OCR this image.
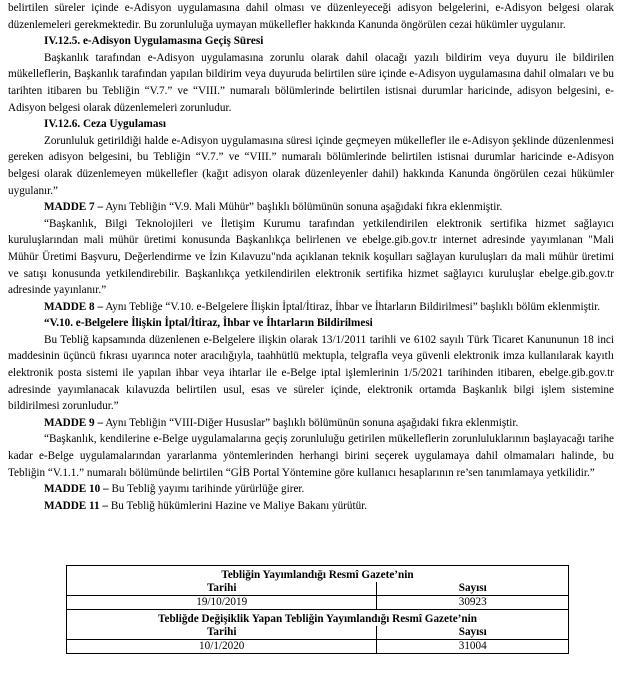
belirtilen süreler içinde e-Adisyon uygulamasına dahil olması ve düzenleyeceği adisyon belgelerini, e-Adisyon belgesi olarak düzenlemeleri gerekmektedir. Bu zorunluluğa uymayan mükellefler hakkında Kanunda öngörülen cezai hükümler uygulanır.

IV.12.5. e-Adisyon Uygulamasına Geçiş Süresi

Başkanlık tarafından e-Adisyon uygulamasına zorunlu olarak dahil olacağı yazılı bildirim veya duyuru ile bildirilen mükelleflerin, Başkanlık tarafından yapılan bildirim veya duyuruda belirtilen süre içinde e-Adisyon uygulamasına dahil olmaları ve bu tarihten itibaren bu Tebliğin “V.7.” ve “VIII.” numaralı bölümlerinde belirtilen istisnai durumlar haricinde, adisyon belgesini, e-Adisyon belgesi olarak düzenlemeleri zorunludur.

IV.12.6. Ceza Uygulaması

Zorunluluk getirildiği halde e-Adisyon uygulamasına süresi içinde geçmeyen mükellefler ile e-Adisyon şeklinde düzenlenmesi gereken adisyon belgesini, bu Tebliğin “V.7.” ve “VIII.” numaralı bölümlerinde belirtilen istisnai durumlar haricinde e-Adisyon belgesi olarak düzenlemeyen mükellefler (kağıt adisyon olarak düzenleyenler dahil) hakkında Kanunda öngörülen cezai hükümler uygulanır.”

MADDE 7 – Aynı Tebliğin “V.9. Mali Mühür” başlıklı bölümünün sonuna aşağıdaki fıkra eklenmiştir.

“Başkanlık, Bilgi Teknolojileri ve İletişim Kurumu tarafından yetkilendirilen elektronik sertifika hizmet sağlayıcı kuruluşlarından mali mühür üretimi konusunda Başkanlıkça belirlenen ve ebelge.gib.gov.tr internet adresinde yayımlanan "Mali Mühür Üretimi Başvuru, Değerlendirme ve İzin Kılavuzu"nda açıklanan teknik koşulları sağlayan kuruluşları da mali mühür üretimi ve satışı konusunda yetkilendirebilir. Başkanlıkça yetkilendirilen elektronik sertifika hizmet sağlayıcı kuruluşlar ebelge.gib.gov.tr adresinde yayınlanır.”

MADDE 8 – Aynı Tebliğe “V.10. e-Belgelere İlişkin İptal/İtiraz, İhbar ve İhtarların Bildirilmesi” başlıklı bölüm eklenmiştir.

“V.10. e-Belgelere İlişkin İptal/İtiraz, İhbar ve İhtarların Bildirilmesi

Bu Tebliğ kapsamında düzenlenen e-Belgelere ilişkin olarak 13/1/2011 tarihli ve 6102 sayılı Türk Ticaret Kanununun 18 inci maddesinin üçüncü fıkrası uyarınca noter aracılığıyla, taahhütlü mektupla, telgrafla veya güvenli elektronik imza kullanılarak kayıtlı elektronik posta sistemi ile yapılan ihbar veya ihtarlar ile e-Belge iptal işlemlerinin 1/5/2021 tarihinden itibaren, ebelge.gib.gov.tr adresinde yayımlanacak kılavuzda belirtilen usul, esas ve süreler içinde, elektronik ortamda Başkanlık bilgi işlem sistemine bildirilmesi zorunludur.”

MADDE 9 – Aynı Tebliğin “VIII-Diğer Hususlar” başlıklı bölümünün sonuna aşağıdaki fıkra eklenmiştir.

“Başkanlık, kendilerine e-Belge uygulamalarına geçiş zorunluluğu getirilen mükelleflerin zorunluluklarının başlayacağı tarihe kadar e-Belge uygulamalarından yararlanma yöntemlerinden herhangi birini seçerek uygulamaya dahil olmamaları halinde, bu Tebliğin “V.1.1.” numaralı bölümünde belirtilen “GİB Portal Yöntemine göre kullanıcı hesaplarının re’sen tanımlamaya yetkilidir.”

MADDE 10 – Bu Tebliğ yayımı tarihinde yürürlüğe girer.

MADDE 11 – Bu Tebliğ hükümlerini Hazine ve Maliye Bakanı yürütür.

Tebliğin Yayımlandığı Resmî Gazete’nin	
Tarihi	Sayısı
19/10/2019	30923
Tebliğde Değişiklik Yapan Tebliğin Yayımlandığı Resmî Gazete’nin	
Tarihi	Sayısı
10/1/2020	31004
